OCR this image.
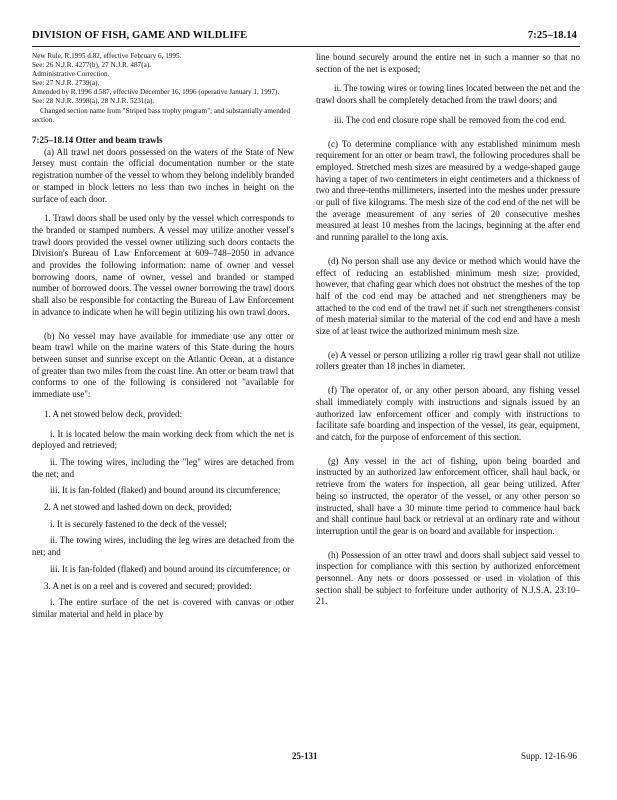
DIVISION OF FISH, GAME AND WILDLIFE	7:25–18.14
New Rule, R.1995 d.82, effective February 6, 1995.
See: 26 N.J.R. 4277(b), 27 N.J.R. 487(a).
Administrative Correction.
See: 27 N.J.R. 2739(a).
Amended by R.1996 d.587, effective December 16, 1996 (operative January 1, 1997).
See: 28 N.J.R. 3998(a), 28 N.J.R. 5231(a).
Changed section name from "Striped bass trophy program"; and substantially amended section.
7:25–18.14 Otter and beam trawls

(a) All trawl net doors possessed on the waters of the State of New Jersey must contain the official documentation number or the state registration number of the vessel to whom they belong indelibly branded or stamped in block letters no less than two inches in height on the surface of each door.

1. Trawl doors shall be used only by the vessel which corresponds to the branded or stamped numbers. A vessel may utilize another vessel's trawl doors provided the vessel owner utilizing such doors contacts the Division's Bureau of Law Enforcement at 609–748–2050 in advance and provides the following information: name of owner and vessel borrowing doors, name of owner, vessel and branded or stamped number of borrowed doors. The vessel owner borrowing the trawl doors shall also be responsible for contacting the Bureau of Law Enforcement in advance to indicate when he will begin utilizing his own trawl doors.

(b) No vessel may have available for immediate use any otter or beam trawl while on the marine waters of this State during the hours between sunset and sunrise except on the Atlantic Ocean, at a distance of greater than two miles from the coast line. An otter or beam trawl that conforms to one of the following is considered not "available for immediate use":

1. A net stowed below deck, provided:

i. It is located below the main working deck from which the net is deployed and retrieved;

ii. The towing wires, including the "leg" wires are detached from the net; and

iii. It is fan-folded (flaked) and bound around its circumference;

2. A net stowed and lashed down on deck, provided;

i. It is securely fastened to the deck of the vessel;

ii. The towing wires, including the leg wires are detached from the net; and

iii. It is fan-folded (flaked) and bound around its circumference; or

3. A net is on a reel and is covered and secured; provided:

i. The entire surface of the net is covered with canvas or other similar material and held in place by

line bound securely around the entire net in such a manner so that no section of the net is exposed;

ii. The towing wires or towing lines located between the net and the trawl doors shall be completely detached from the trawl doors; and

iii. The cod end closure rope shall be removed from the cod end.

(c) To determine compliance with any established minimum mesh requirement for an otter or beam trawl, the following procedures shall be employed. Stretched mesh sizes are measured by a wedge-shaped gauge having a taper of two centimeters in eight centimeters and a thickness of two and three-tenths millimeters, inserted into the meshes under pressure or pull of five kilograms. The mesh size of the cod end of the net will be the average measurement of any series of 20 consecutive meshes measured at least 10 meshes from the lacings, beginning at the after end and running parallel to the long axis.

(d) No person shall use any device or method which would have the effect of reducing an established minimum mesh size; provided, however, that chafing gear which does not obstruct the meshes of the top half of the cod end may be attached and net strengtheners may be attached to the cod end of the trawl net if such net strengtheners consist of mesh material similar to the material of the cod end and have a mesh size of at least twice the authorized minimum mesh size.

(e) A vessel or person utilizing a roller rig trawl gear shall not utilize rollers greater than 18 inches in diameter.

(f) The operator of, or any other person aboard, any fishing vessel shall immediately comply with instructions and signals issued by an authorized law enforcement officer and comply with instructions to facilitate safe boarding and inspection of the vessel, its gear, equipment, and catch, for the purpose of enforcement of this section.

(g) Any vessel in the act of fishing, upon being boarded and instructed by an authorized law enforcement officer, shall haul back, or retrieve from the waters for inspection, all gear being utilized. After being so instructed, the operator of the vessel, or any other person so instructed, shall have a 30 minute time period to commence haul back and shall continue haul back or retrieval at an ordinary rate and without interruption until the gear is on board and available for inspection.

(h) Possession of an otter trawl and doors shall subject said vessel to inspection for compliance with this section by authorized enforcement personnel. Any nets or doors possessed or used in violation of this section shall be subject to forfeiture under authority of N.J.S.A. 23:10–21.

25-131	Supp. 12-16-96
